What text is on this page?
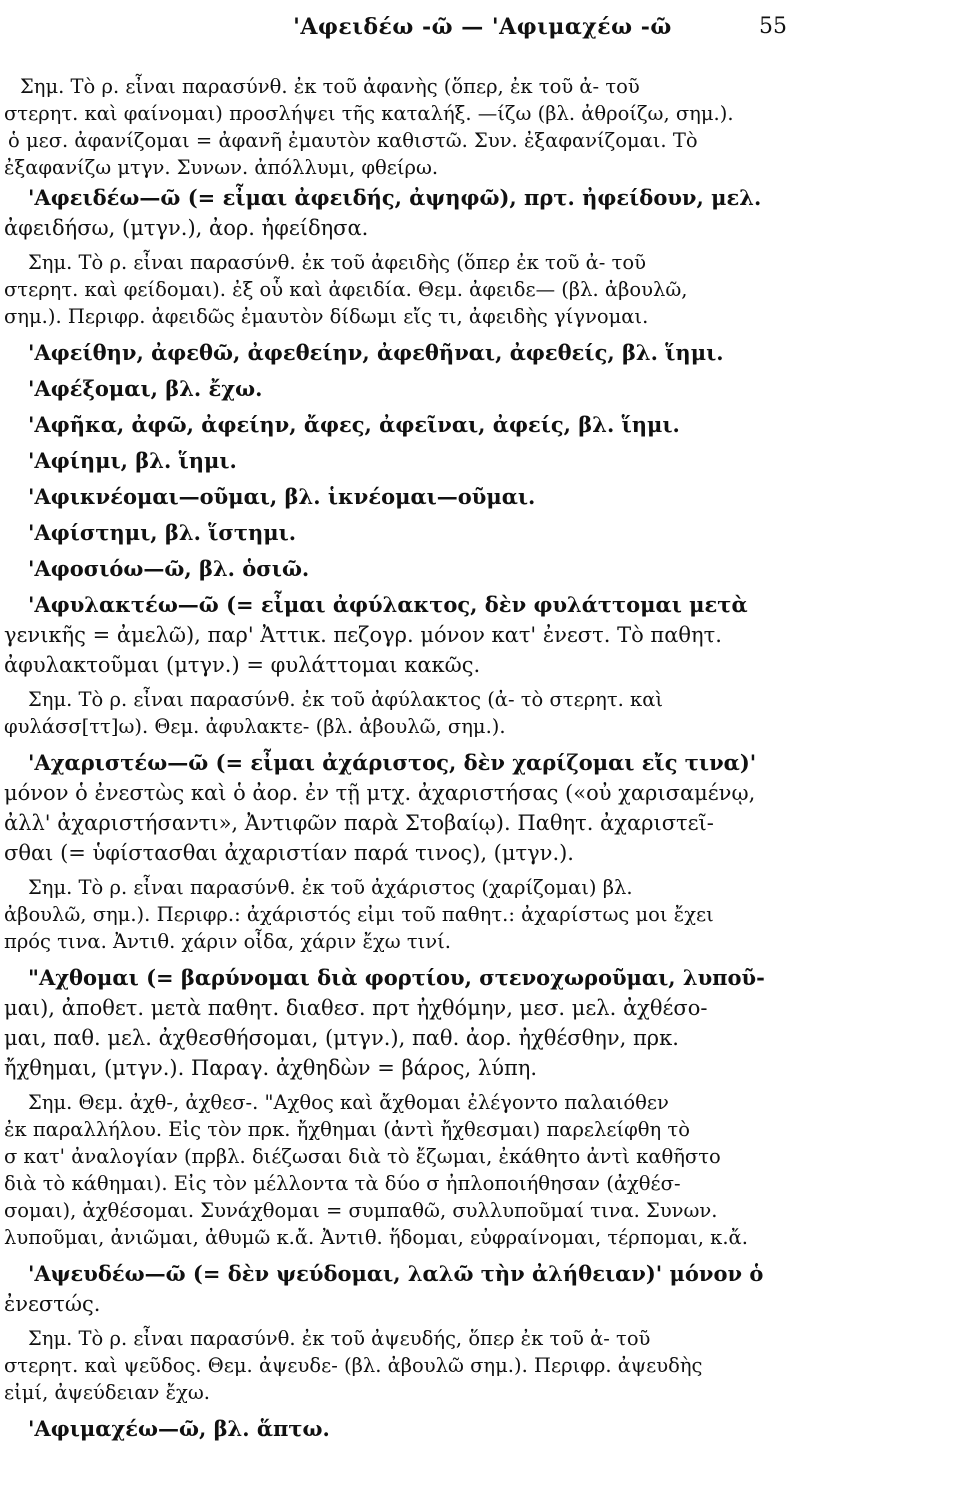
'Αφειδέω -ῶ — 'Αφιμαχέω -ῶ	55
Σημ. Τὸ ρ. εἶναι παρασύνθ. ἐκ τοῦ ἀφανὴς (ὅπερ, ἐκ τοῦ ἀ- τοῦ
στερητ. καὶ φαίνομαι) προσλήψει τῆς καταλήξ. —ίζω (βλ. ἀθροίζω, σημ.).
ὁ μεσ. ἀφανίζομαι = ἀφανῆ ἐμαυτὸν καθιστῶ. Συν. ἐξαφανίζομαι. Τὸ
ἐξαφανίζω μτγν. Συνων. ἀπόλλυμι, φθείρω.
'Αφειδέω—ῶ (= εἶμαι ἀφειδής, ἀψηφῶ), πρτ. ἠφείδουν, μελ.
ἀφειδήσω, (μτγν.), ἀορ. ἠφείδησα.
Σημ. Τὸ ρ. εἶναι παρασύνθ. ἐκ τοῦ ἀφειδὴς (ὅπερ ἐκ τοῦ ἀ- τοῦ
στερητ. καὶ φείδομαι). ἐξ οὗ καὶ ἀφειδία. Θεμ. ἀφειδε— (βλ. ἀβουλῶ,
σημ.). Περιφρ. ἀφειδῶς ἐμαυτὸν δίδωμι εἴς τι, ἀφειδὴς γίγνομαι.
'Αφείθην, ἀφεθῶ, ἀφεθείην, ἀφεθῆναι, ἀφεθείς, βλ. ἵημι.
'Αφέξομαι, βλ. ἔχω.
'Αφῆκα, ἀφῶ, ἀφείην, ἄφες, ἀφεῖναι, ἀφείς, βλ. ἵημι.
'Αφίημι, βλ. ἵημι.
'Αφικνέομαι—οῦμαι, βλ. ἱκνέομαι—οῦμαι.
'Αφίστημι, βλ. ἵστημι.
'Αφοσιόω—ῶ, βλ. ὁσιῶ.
'Αφυλακτέω—ῶ (= εἶμαι ἀφύλακτος, δὲν φυλάττομαι μετὰ
γενικῆς = ἀμελῶ), παρ' Ἀττικ. πεζογρ. μόνον κατ' ἐνεστ. Τὸ παθητ.
ἀφυλακτοῦμαι (μτγν.) = φυλάττομαι κακῶς.
Σημ. Τὸ ρ. εἶναι παρασύνθ. ἐκ τοῦ ἀφύλακτος (ἀ- τὸ στερητ. καὶ
φυλάσσ[ττ]ω). Θεμ. ἀφυλακτε- (βλ. ἀβουλῶ, σημ.).
'Αχαριστέω—ῶ (= εἶμαι ἀχάριστος, δὲν χαρίζομαι εἴς τινα)'
μόνον ὁ ἐνεστὼς καὶ ὁ ἀορ. ἐν τῇ μτχ. ἀχαριστήσας («οὐ χαρισαμένῳ,
ἀλλ' ἀχαριστήσαντι», Ἀντιφῶν παρὰ Στοβαίῳ). Παθητ. ἀχαριστεῖ-
σθαι (= ὑφίστασθαι ἀχαριστίαν παρά τινος), (μτγν.).
Σημ. Τὸ ρ. εἶναι παρασύνθ. ἐκ τοῦ ἀχάριστος (χαρίζομαι) βλ.
ἀβουλῶ, σημ.). Περιφρ.: ἀχάριστός εἰμι τοῦ παθητ.: ἀχαρίστως μοι ἔχει
πρός τινα. Ἀντιθ. χάριν οἶδα, χάριν ἔχω τινί.
"Αχθομαι (= βαρύνομαι διὰ φορτίου, στενοχωροῦμαι, λυποῦ-
μαι), ἀποθετ. μετὰ παθητ. διαθεσ. πρτ ἠχθόμην, μεσ. μελ. ἀχθέσο-
μαι, παθ. μελ. ἀχθεσθήσομαι, (μτγν.), παθ. ἀορ. ἠχθέσθην, πρκ.
ἤχθημαι, (μτγν.). Παραγ. ἀχθηδὼν = βάρος, λύπη.
Σημ. Θεμ. ἀχθ-, ἀχθεσ-. "Αχθος καὶ ἄχθομαι ἐλέγοντο παλαιόθεν
ἐκ παραλλήλου. Εἰς τὸν πρκ. ἤχθημαι (ἀντὶ ἤχθεσμαι) παρελείφθη τὸ
σ κατ' ἀναλογίαν (πρβλ. διέζωσαι διὰ τὸ ἔζωμαι, ἐκάθητο ἀντὶ καθῆστο
διὰ τὸ κάθημαι). Εἰς τὸν μέλλοντα τὰ δύο σ ἠπλοποιήθησαν (ἀχθέσ-
σομαι), ἀχθέσομαι. Συνάχθομαι = συμπαθῶ, συλλυποῦμαί τινα. Συνων.
λυποῦμαι, ἀνιῶμαι, ἀθυμῶ κ.ἄ. Ἀντιθ. ἥδομαι, εὐφραίνομαι, τέρπομαι, κ.ἄ.
'Αψευδέω—ῶ (= δὲν ψεύδομαι, λαλῶ τὴν ἀλήθειαν)' μόνον ὁ
ἐνεστώς.
Σημ. Τὸ ρ. εἶναι παρασύνθ. ἐκ τοῦ ἀψευδής, ὅπερ ἐκ τοῦ ἀ- τοῦ
στερητ. καὶ ψεῦδος. Θεμ. ἀψευδε- (βλ. ἀβουλῶ σημ.). Περιφρ. ἀψευδὴς
εἰμί, ἀψεύδειαν ἔχω.
'Αφιμαχέω—ῶ, βλ. ἅπτω.
